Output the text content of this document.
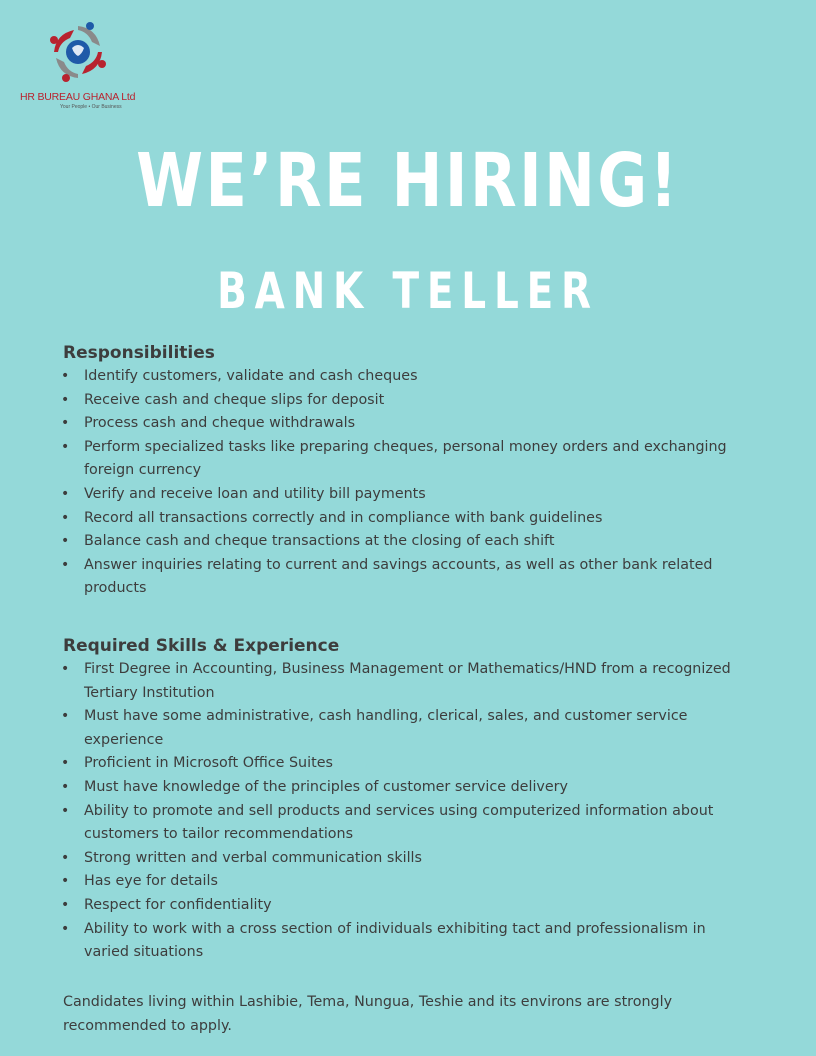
HR BUREAU GHANA Ltd
Your People • Our Business
WE’RE HIRING!
BANK TELLER
Responsibilities
• Identify customers, validate and cash cheques
• Receive cash and cheque slips for deposit
• Process cash and cheque withdrawals
• Perform specialized tasks like preparing cheques, personal money orders and exchanging foreign currency
• Verify and receive loan and utility bill payments
• Record all transactions correctly and in compliance with bank guidelines
• Balance cash and cheque transactions at the closing of each shift
• Answer inquiries relating to current and savings accounts, as well as other bank related products
Required Skills & Experience
• First Degree in Accounting, Business Management or Mathematics/HND from a recognized Tertiary Institution
• Must have some administrative, cash handling, clerical, sales, and customer service experience
• Proficient in Microsoft Office Suites
• Must have knowledge of the principles of customer service delivery
• Ability to promote and sell products and services using computerized information about customers to tailor recommendations
• Strong written and verbal communication skills
• Has eye for details
• Respect for confidentiality
• Ability to work with a cross section of individuals exhibiting tact and professionalism in varied situations
Candidates living within Lashibie, Tema, Nungua, Teshie and its environs are strongly recommended to apply.
